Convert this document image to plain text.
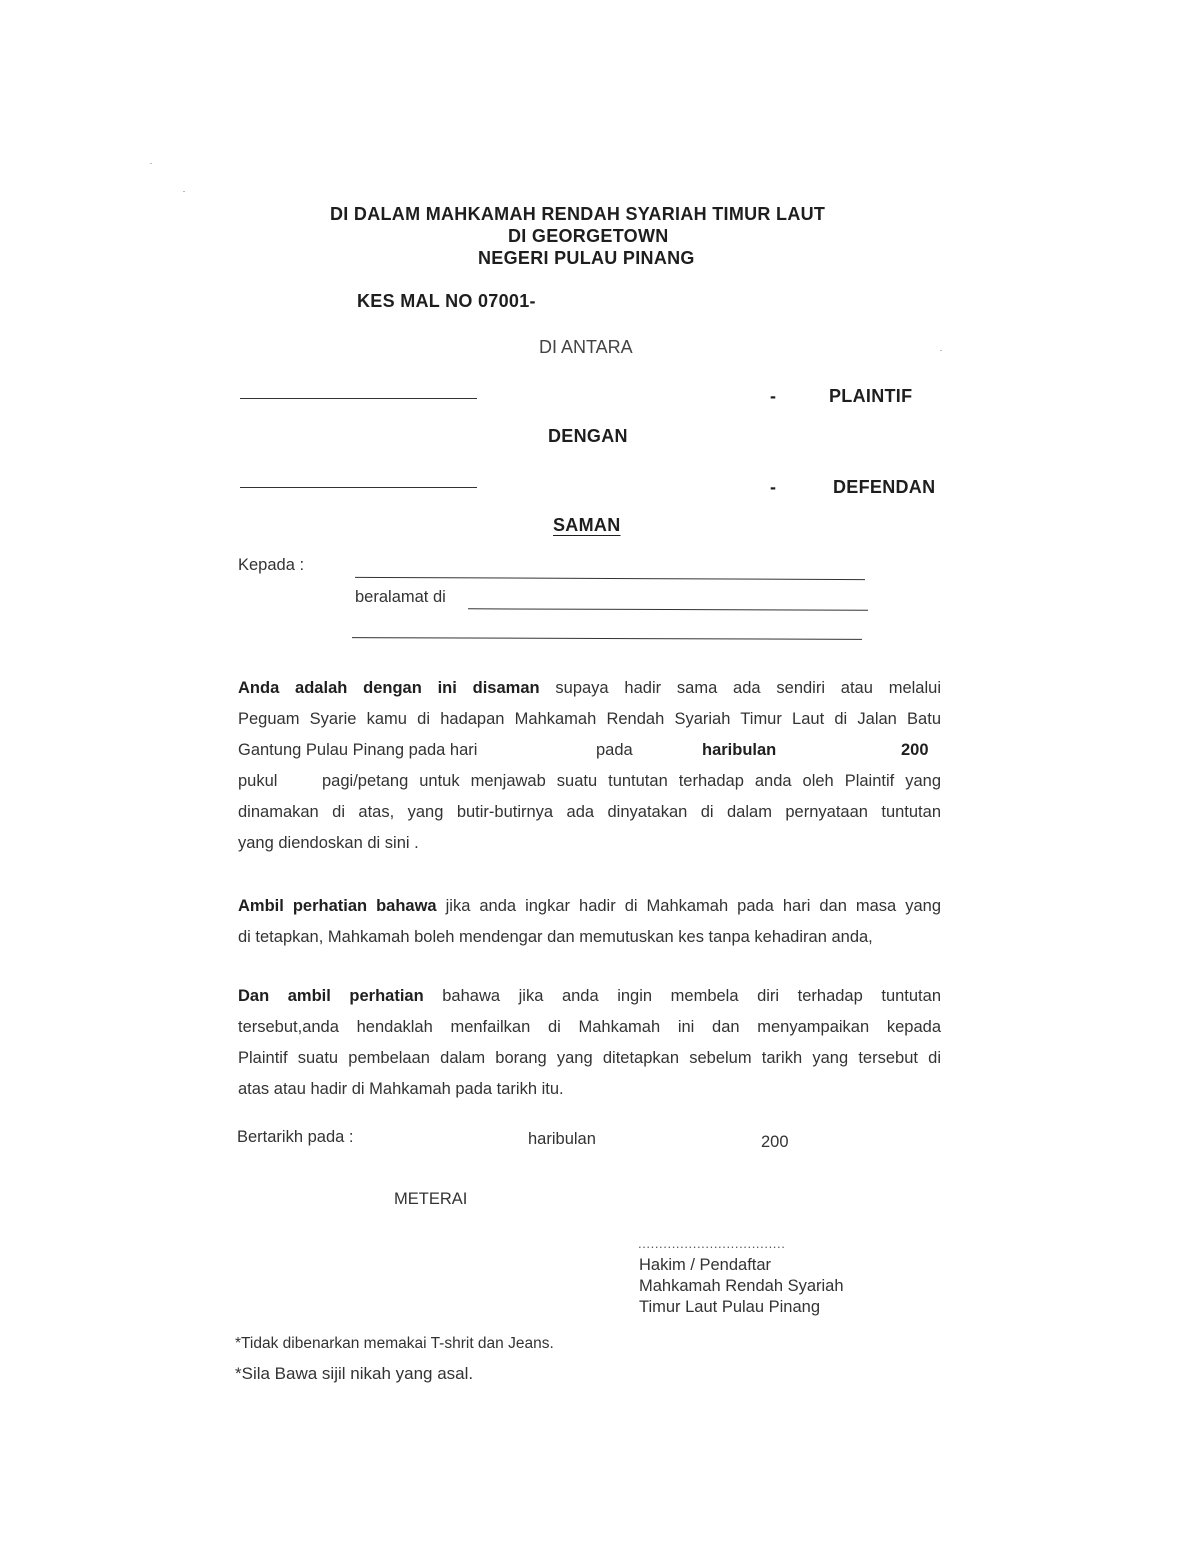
DI DALAM MAHKAMAH RENDAH SYARIAH TIMUR LAUT
DI GEORGETOWN
NEGERI PULAU PINANG
KES MAL NO 07001-
DI ANTARA
-	PLAINTIF
DENGAN
-	DEFENDAN
SAMAN
Kepada :
beralamat di
Anda adalah dengan ini disaman supaya hadir sama ada sendiri atau melalui
Peguam Syarie kamu di hadapan Mahkamah Rendah Syariah Timur Laut di Jalan Batu
Gantung Pulau Pinang pada hari	pada	haribulan	200
pukul	pagi/petang untuk menjawab suatu tuntutan terhadap anda oleh Plaintif yang
dinamakan di atas, yang butir-butirnya ada dinyatakan di dalam pernyataan tuntutan
yang diendoskan di sini .
Ambil perhatian bahawa jika anda ingkar hadir di Mahkamah pada hari dan masa yang
di tetapkan, Mahkamah boleh mendengar dan memutuskan kes tanpa kehadiran anda,
Dan ambil perhatian bahawa jika anda ingin membela diri terhadap tuntutan
tersebut,anda hendaklah menfailkan di Mahkamah ini dan menyampaikan kepada
Plaintif suatu pembelaan dalam borang yang ditetapkan sebelum tarikh yang tersebut di
atas atau hadir di Mahkamah pada tarikh itu.
Bertarikh pada :	haribulan	200
METERAI
...................................
Hakim / Pendaftar
Mahkamah Rendah Syariah
Timur Laut Pulau Pinang
*Tidak dibenarkan memakai T-shrit dan Jeans.
*Sila Bawa sijil nikah yang asal.
